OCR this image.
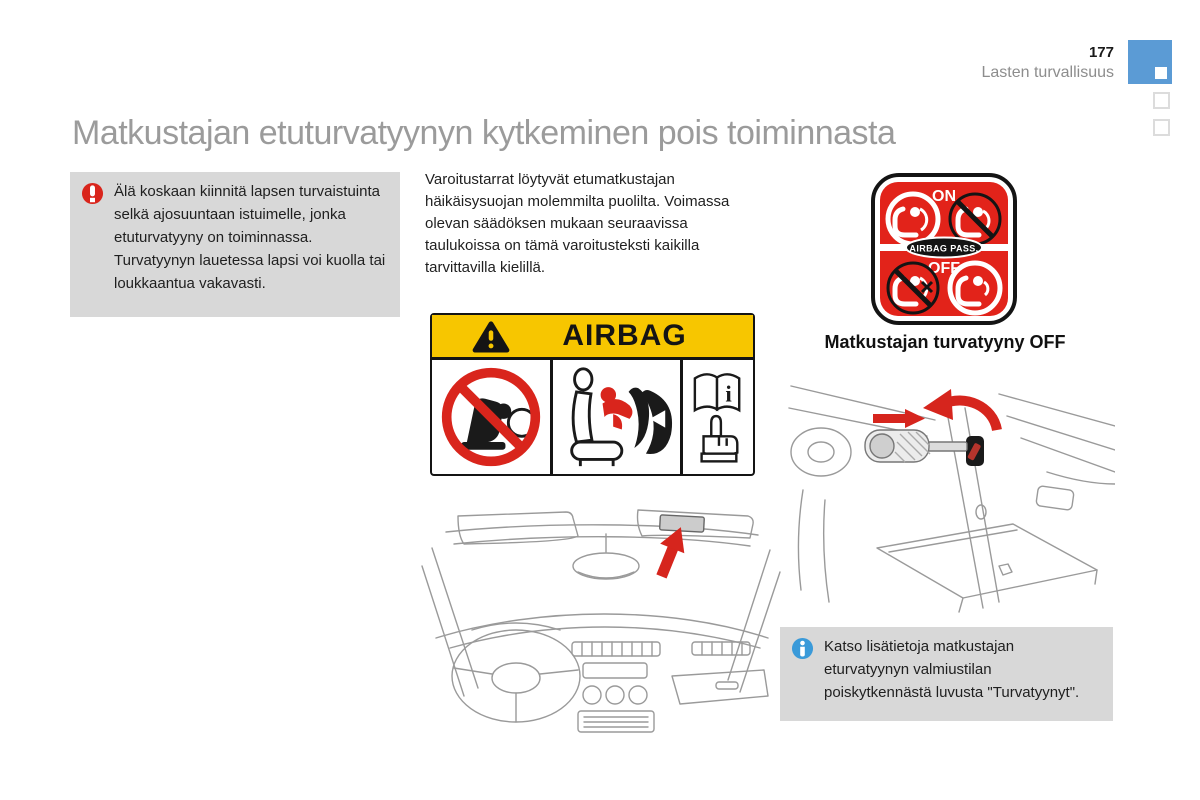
177
Lasten turvallisuus
Matkustajan etuturvatyynyn kytkeminen pois toiminnasta
Älä koskaan kiinnitä lapsen turvaistuinta selkä ajosuuntaan istuimelle, jonka etuturvatyyny on toiminnassa. Turvatyynyn lauetessa lapsi voi kuolla tai loukkaantua vakavasti.
Varoitustarrat löytyvät etumatkustajan häikäisysuojan molemmilta puolilta. Voimassa olevan säädöksen mukaan seuraavissa taulukoissa on tämä varoitusteksti kaikilla tarvittavilla kielillä.
AIRBAG
i
ON
AIRBAG PASS.
OFF
Matkustajan turvatyyny OFF
Katso lisätietoja matkustajan eturvatyynyn valmiustilan poiskytkennästä luvusta "Turvatyynyt".
